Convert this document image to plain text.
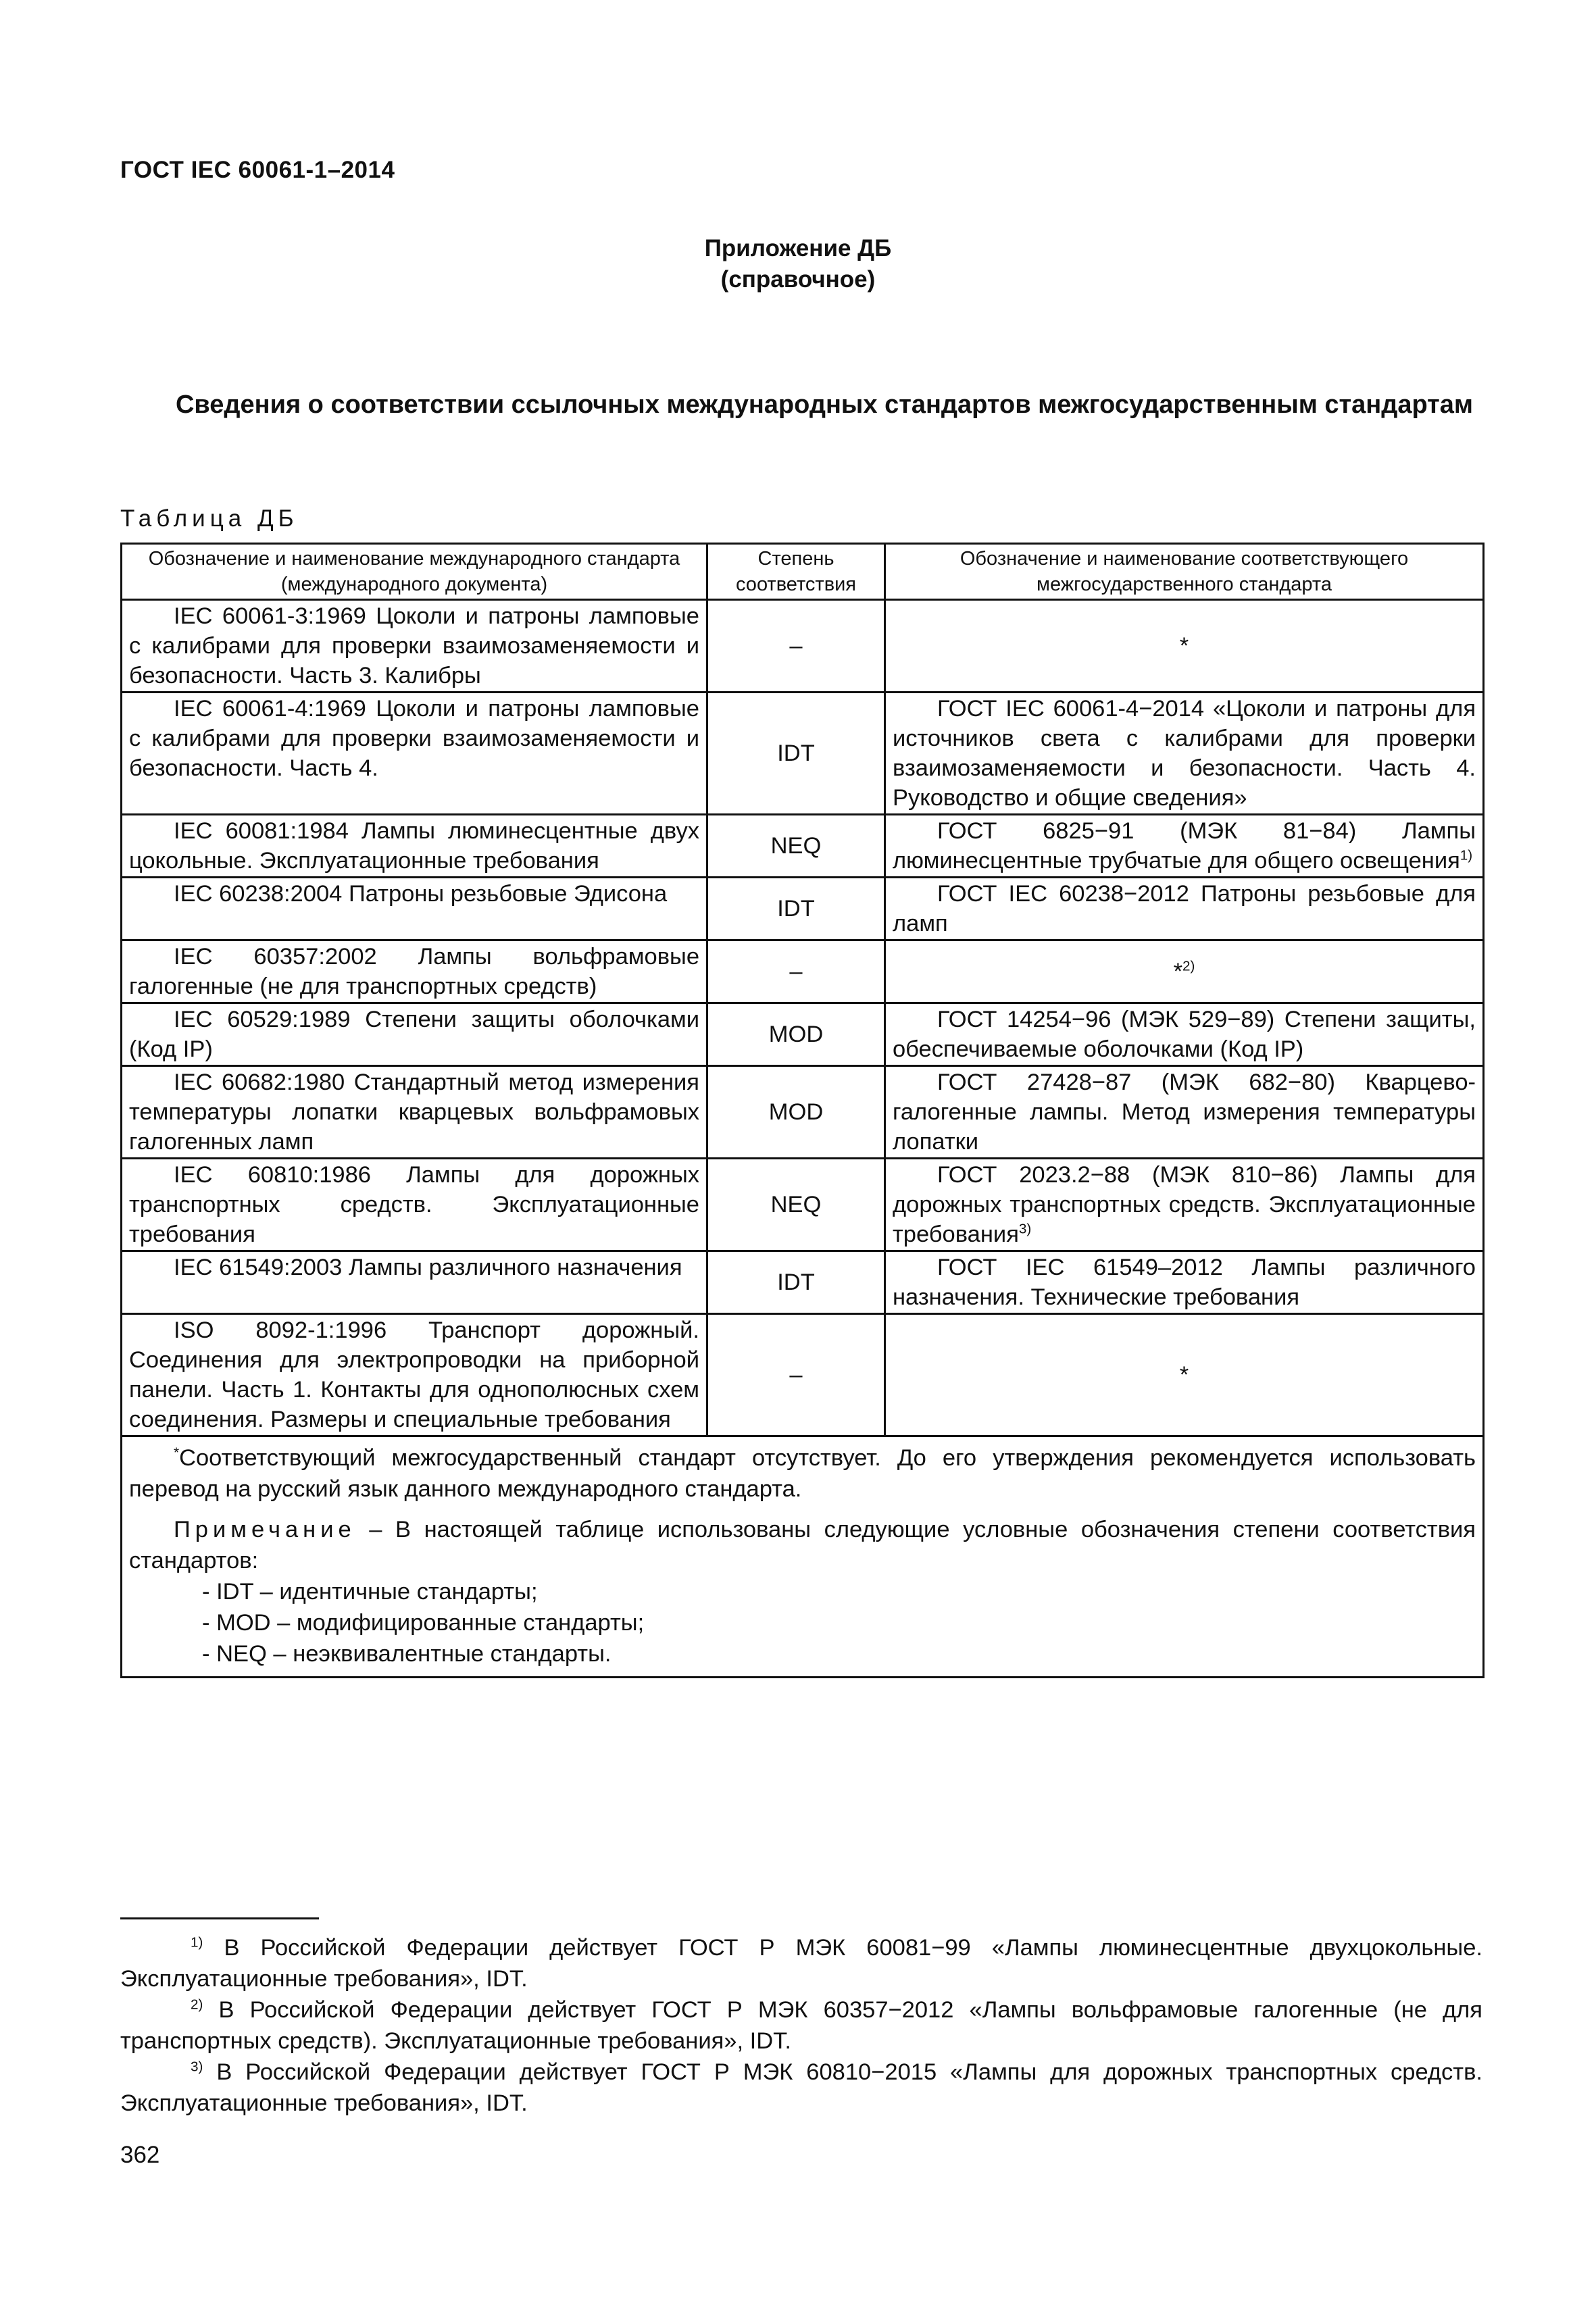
ГОСТ IEC 60061-1–2014
Приложение ДБ
(справочное)
Сведения о соответствии ссылочных международных стандартов межгосударственным стандартам
Таблица ДБ
Обозначение и наименование международного стандарта (международного документа)	Степень соответствия	Обозначение и наименование соответствующего межгосударственного стандарта
IEC 60061-3:1969 Цоколи и патроны ламповые с калибрами для проверки взаимозаменяемости и безопасности. Часть 3. Калибры	–	*
IEC 60061-4:1969 Цоколи и патроны ламповые с калибрами для проверки взаимозаменяемости и безопасности. Часть 4.	IDT	ГОСТ IEC 60061-4−2014 «Цоколи и патроны для источников света с калибрами для проверки взаимозаменяемости и безопасности. Часть 4. Руководство и общие сведения»
IEC 60081:1984 Лампы люминесцентные двух цокольные. Эксплуатационные требования	NEQ	ГОСТ 6825−91 (МЭК 81−84) Лампы люминесцентные трубчатые для общего освещения$^{1)}$
IEC 60238:2004 Патроны резьбовые Эдисона	IDT	ГОСТ IEC 60238−2012 Патроны резьбовые для ламп
IEC 60357:2002 Лампы вольфрамовые галогенные (не для транспортных средств)	–	*$^{2)}$
IEC 60529:1989 Степени защиты оболочками (Код IP)	MOD	ГОСТ 14254−96 (МЭК 529−89) Степени защиты, обеспечиваемые оболочками (Код IP)
IEC 60682:1980 Стандартный метод измерения температуры лопатки кварцевых вольфрамовых галогенных ламп	MOD	ГОСТ 27428−87 (МЭК 682−80) Кварцево-галогенные лампы. Метод измерения температуры лопатки
IEC 60810:1986 Лампы для дорожных транспортных средств. Эксплуатационные требования	NEQ	ГОСТ 2023.2−88 (МЭК 810−86) Лампы для дорожных транспортных средств. Эксплуатационные требования$^{3)}$
IEC 61549:2003 Лампы различного назначения	IDT	ГОСТ IEC 61549–2012 Лампы различного назначения. Технические требования
ISO 8092-1:1996 Транспорт дорожный. Соединения для электропроводки на приборной панели. Часть 1. Контакты для однополюсных схем соединения. Размеры и специальные требования	–	*

*Соответствующий межгосударственный стандарт отсутствует. До его утверждения рекомендуется использовать перевод на русский язык данного международного стандарта.

Примечание – В настоящей таблице использованы следующие условные обозначения степени соответствия стандартов:

- IDT – идентичные стандарты;

- MOD – модифицированные стандарты;

- NEQ – неэквивалентные стандарты.		

$^{1)}$ В Российской Федерации действует ГОСТ Р МЭК 60081−99 «Лампы люминесцентные двухцокольные. Эксплуатационные требования», IDT.

$^{2)}$ В Российской Федерации действует ГОСТ Р МЭК 60357−2012 «Лампы вольфрамовые галогенные (не для транспортных средств). Эксплуатационные требования», IDT.

$^{3)}$ В Российской Федерации действует ГОСТ Р МЭК 60810−2015 «Лампы для дорожных транспортных средств. Эксплуатационные требования», IDT.

362
